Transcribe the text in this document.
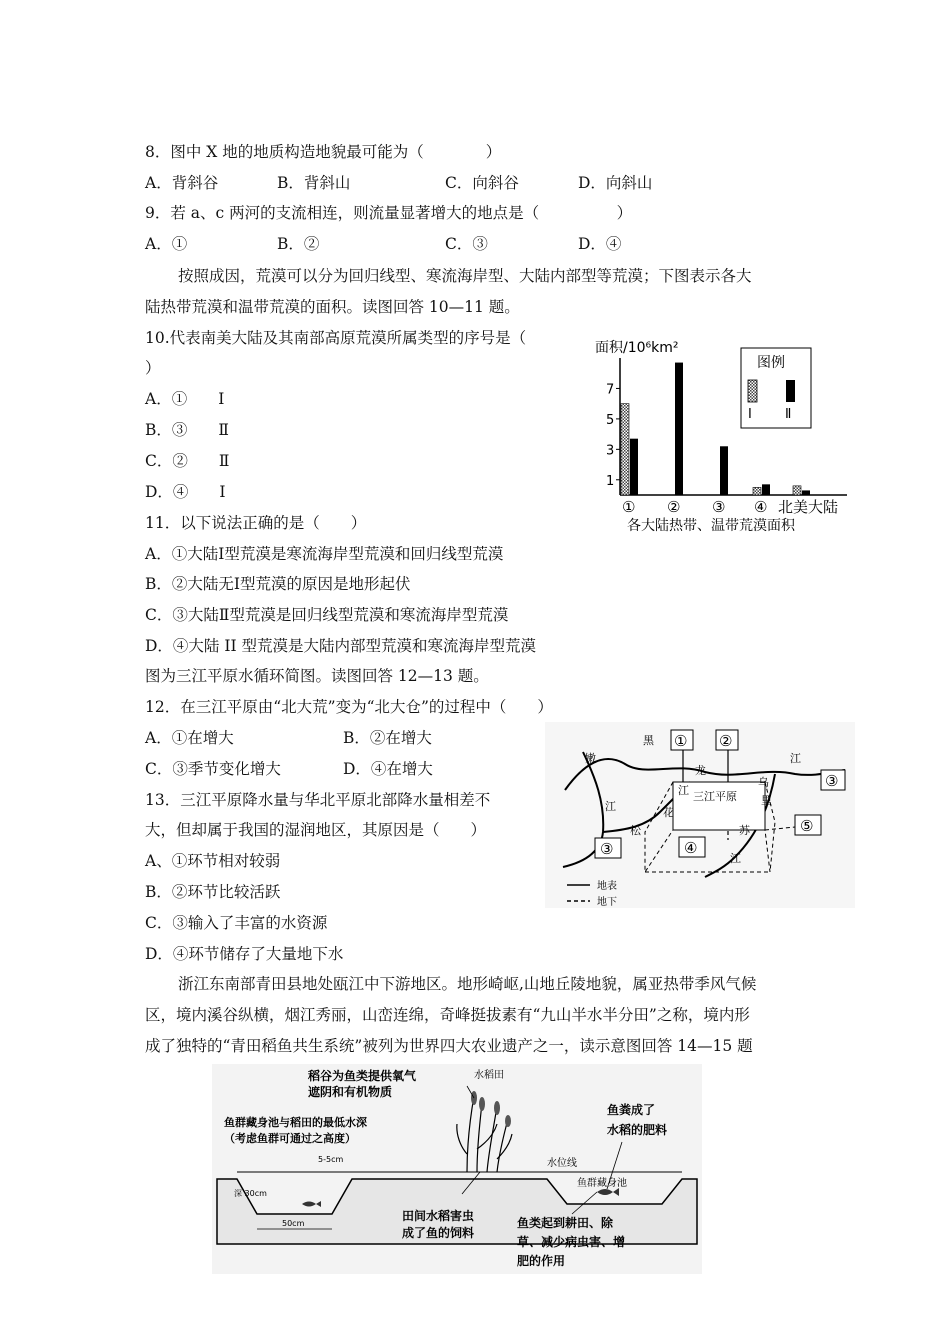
8．图中 X 地的地质构造地貌最可能为（　　　　）
A．背斜谷	B．背斜山	C．向斜谷	D．向斜山
9．若 a、c 两河的支流相连，则流量显著增大的地点是（　　　　　）
A．①	B．②	C．③	D．④
按照成因，荒漠可以分为回归线型、寒流海岸型、大陆内部型等荒漠；下图表示各大
陆热带荒漠和温带荒漠的面积。读图回答 10—11 题。
10.代表南美大陆及其南部高原荒漠所属类型的序号是（
）
A．①　　Ⅰ
B．③　　Ⅱ
C．②　　Ⅱ
D．④　　Ⅰ
面积/10⁶km²
1
3
5
7
① ② ③ ④ 北美大陆
图例
Ⅰ	Ⅱ
各大陆热带、温带荒漠面积
11．以下说法正确的是（　　）
A．①大陆Ⅰ型荒漠是寒流海岸型荒漠和回归线型荒漠
B．②大陆无Ⅰ型荒漠的原因是地形起伏
C．③大陆Ⅱ型荒漠是回归线型荒漠和寒流海岸型荒漠
D．④大陆 II 型荒漠是大陆内部型荒漠和寒流海岸型荒漠
图为三江平原水循环简图。读图回答 12—13 题。
12．在三江平原由“北大荒”变为“北大仓”的过程中（　　）
A．①在增大	B．②在增大
C．③季节变化增大	D．④在增大
13．三江平原降水量与华北平原北部降水量相差不
大，但却属于我国的湿润地区，其原因是（　　）
A、①环节相对较弱
B．②环节比较活跃
C．③输入了丰富的水资源
D．④环节储存了大量地下水
三江平原
① ②
③
④
⑤
③
黑
龙
江
嫩
江
松
花
江
乌
苏
里
江
地表
地下
浙江东南部青田县地处瓯江中下游地区。地形崎岖,山地丘陵地貌，属亚热带季风气候
区，境内溪谷纵横，烟江秀丽，山峦连绵，奇峰挺拔素有“九山半水半分田”之称，境内形
成了独特的“青田稻鱼共生系统”被列为世界四大农业遗产之一，读示意图回答 14—15 题
50cm
深 30cm
5-5cm
稻谷为鱼类提供氧气
遮阴和有机物质
水稻田
鱼群藏身池与稻田的最低水深
（考虑鱼群可通过之高度）
鱼粪成了
水稻的肥料
水位线
鱼群藏身池
田间水稻害虫
成了鱼的饲料
鱼类起到耕田、除
草、减少病虫害、增
肥的作用
